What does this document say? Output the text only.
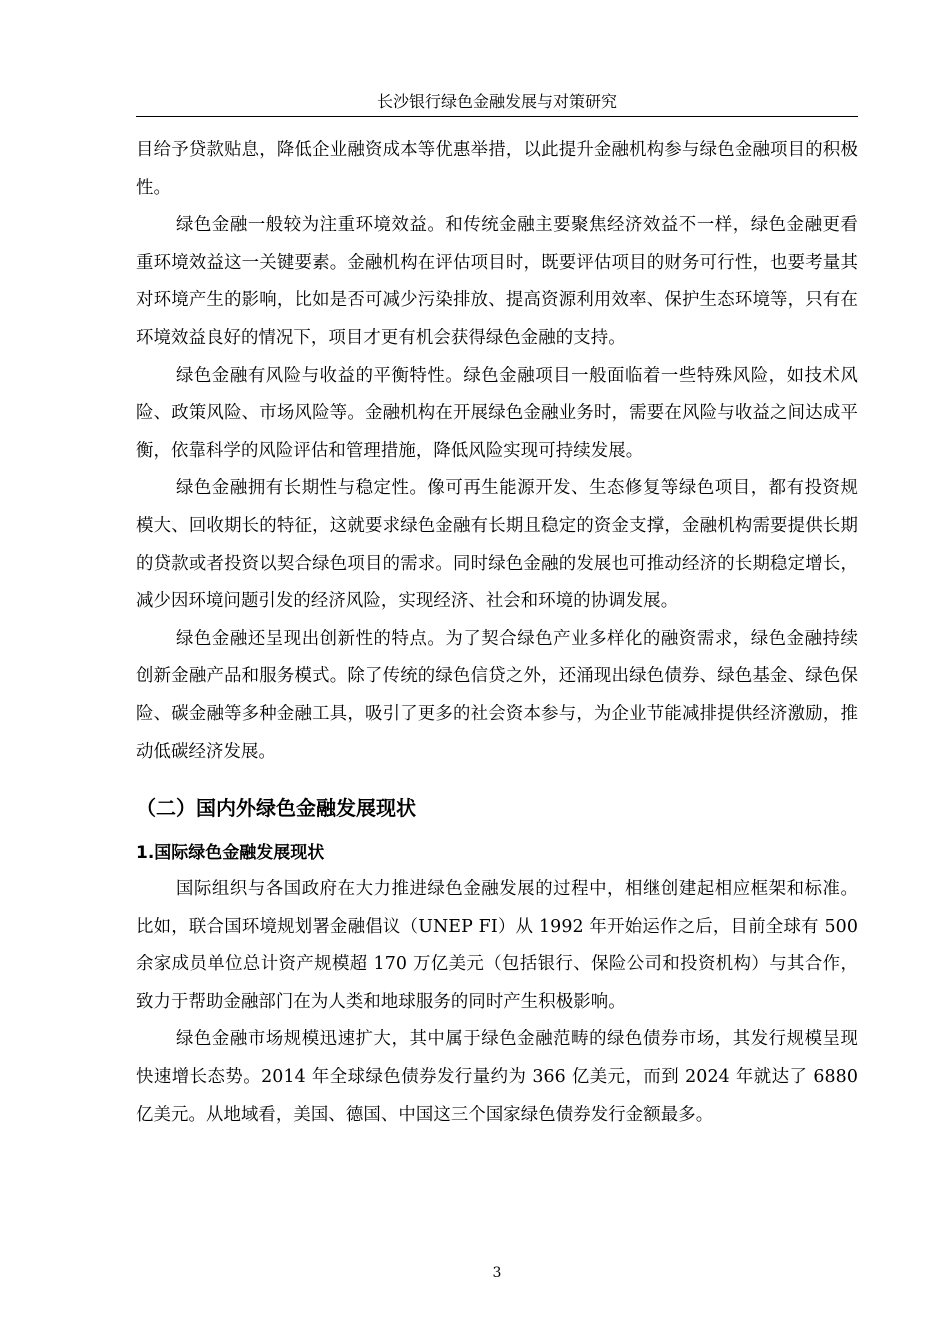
长沙银行绿色金融发展与对策研究

目给予贷款贴息，降低企业融资成本等优惠举措，以此提升金融机构参与绿色金融项目的积极性。

绿色金融一般较为注重环境效益。和传统金融主要聚焦经济效益不一样，绿色金融更看重环境效益这一关键要素。金融机构在评估项目时，既要评估项目的财务可行性，也要考量其对环境产生的影响，比如是否可减少污染排放、提高资源利用效率、保护生态环境等，只有在环境效益良好的情况下，项目才更有机会获得绿色金融的支持。

绿色金融有风险与收益的平衡特性。绿色金融项目一般面临着一些特殊风险，如技术风险、政策风险、市场风险等。金融机构在开展绿色金融业务时，需要在风险与收益之间达成平衡，依靠科学的风险评估和管理措施，降低风险实现可持续发展。

绿色金融拥有长期性与稳定性。像可再生能源开发、生态修复等绿色项目，都有投资规模大、回收期长的特征，这就要求绿色金融有长期且稳定的资金支撑，金融机构需要提供长期的贷款或者投资以契合绿色项目的需求。同时绿色金融的发展也可推动经济的长期稳定增长，减少因环境问题引发的经济风险，实现经济、社会和环境的协调发展。

绿色金融还呈现出创新性的特点。为了契合绿色产业多样化的融资需求，绿色金融持续创新金融产品和服务模式。除了传统的绿色信贷之外，还涌现出绿色债券、绿色基金、绿色保险、碳金融等多种金融工具，吸引了更多的社会资本参与，为企业节能减排提供经济激励，推动低碳经济发展。

（二）国内外绿色金融发展现状
1.国际绿色金融发展现状

国际组织与各国政府在大力推进绿色金融发展的过程中，相继创建起相应框架和标准。比如，联合国环境规划署金融倡议（UNEP FI）从 1992 年开始运作之后，目前全球有 500 余家成员单位总计资产规模超 170 万亿美元（包括银行、保险公司和投资机构）与其合作，致力于帮助金融部门在为人类和地球服务的同时产生积极影响。

绿色金融市场规模迅速扩大，其中属于绿色金融范畴的绿色债券市场，其发行规模呈现快速增长态势。2014 年全球绿色债券发行量约为 366 亿美元，而到 2024 年就达了 6880 亿美元。从地域看，美国、德国、中国这三个国家绿色债券发行金额最多。

3
